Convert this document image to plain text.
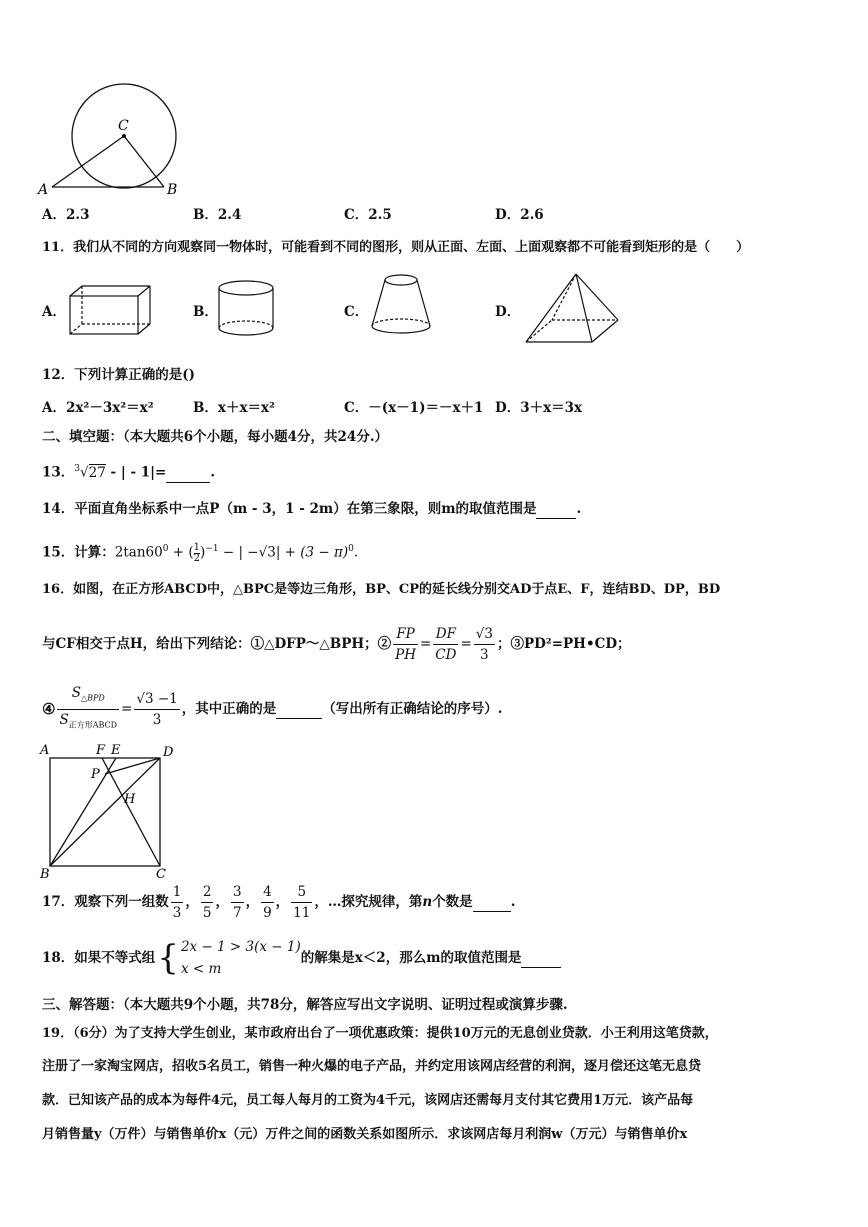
C
A	B
A．2.3	B．2.4	C．2.5	D．2.6
11．我们从不同的方向观察同一物体时，可能看到不同的图形，则从正面、左面、上面观察都不可能看到矩形的是（　　）
A．	B．	C．	D．
12．下列计算正确的是()
A．2x²－3x²＝x²	B．x＋x＝x²	C．－(x－1)＝－x＋1 D．3＋x＝3x
二、填空题：（本大题共6个小题，每小题4分，共24分.）
13．$^3$√27 - | - 1|=	.
14．平面直角坐标系中一点P（m - 3，1 - 2m）在第三象限，则m的取值范围是	.
15．计算：$2\tan 60^0$ + ( $\frac{1}{2} )^{-1}$ − | $-√3| + (3 - \pi)^0$.
16．如图，在正方形ABCD中，△BPC是等边三角形，BP、CP的延长线分别交AD于点E、F，连结BD、DP，BD
与CF相交于点H，给出下列结论：①△DFP～△BPH；② $\frac{FP}{PH} = \frac{DF}{CD} = \frac{√3}{3}$ ；③PD²=PH•CD；
④ $\frac{S_{\triangle BPD}}{S_{正方形ABCD}} = \frac{√3 -1}{3}$ ，其中正确的是
	（写出所有正确结论的序号）.
A	F E	D
P
H
B	C
17．观察下列一组数 $\frac{1}{3}$ ， $\frac{2}{5}$ ， $\frac{3}{7}$ ， $\frac{4}{9}$ ， $\frac{5}{11}$ ，…探究规律，第 n 个数是
	.
18．如果不等式组 { 2x − 1 > 3(x − 1)
x < m
的解集是x＜2，那么m的取值范围是

三、解答题：（本大题共9个小题，共78分，解答应写出文字说明、证明过程或演算步骤.
19．（6分）为了支持大学生创业，某市政府出台了一项优惠政策：提供10万元的无息创业贷款．小王利用这笔贷款，
注册了一家淘宝网店，招收5名员工，销售一种火爆的电子产品，并约定用该网店经营的利润，逐月偿还这笔无息贷
款．已知该产品的成本为每件4元，员工每人每月的工资为4千元，该网店还需每月支付其它费用1万元．该产品每
月销售量y（万件）与销售单价x（元）万件之间的函数关系如图所示．求该网店每月利润w（万元）与销售单价x
